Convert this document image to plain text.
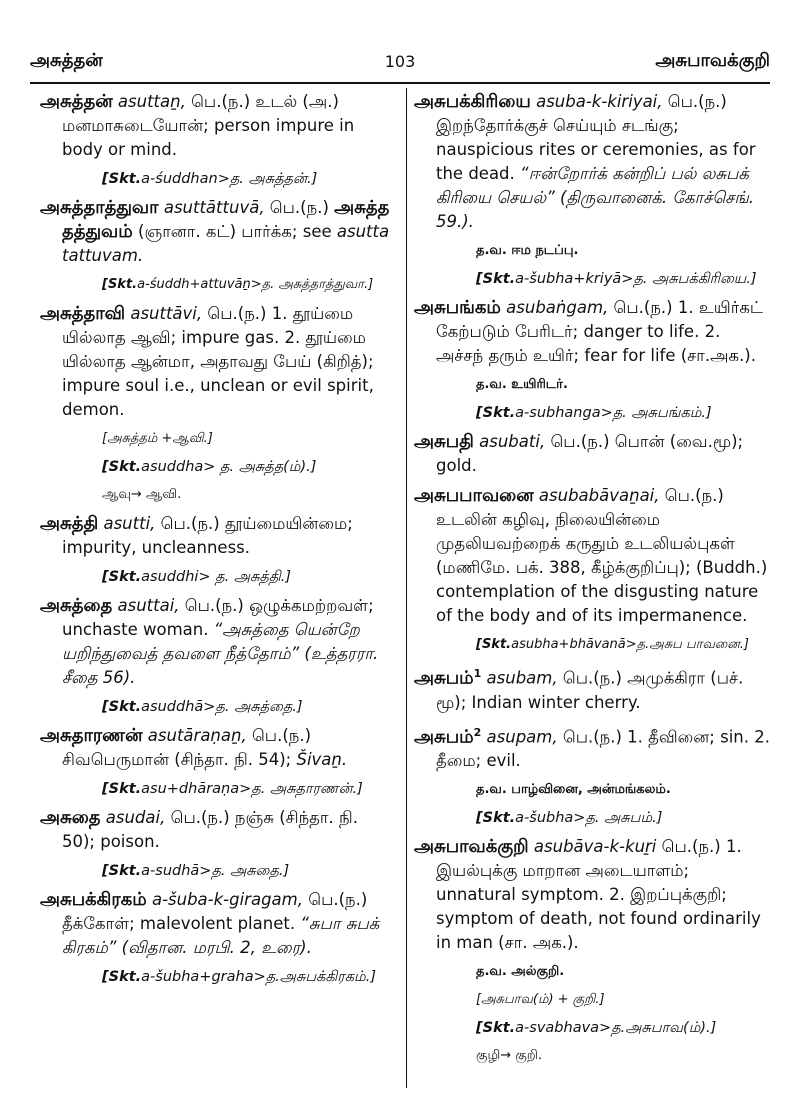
அசுத்தன்	103	அசுபாவக்குறி

அசுத்தன் asuttaṉ, பெ.(ந.) உடல் (அ.) மனமாசுடையோன்; person impure in body or mind.

[Skt.a-śuddhan>த. அசுத்தன்.]

அசுத்தாத்துவா asuttāttuvā, பெ.(ந.) அசுத்த தத்துவம் (ஞானா. கட்) பார்க்க; see asutta tattuvam.

[Skt.a-śuddh+attuvāṉ>த. அசுத்தாத்துவா.]

அசுத்தாவி asuttāvi, பெ.(ந.) 1. தூய்மை யில்லாத ஆவி; impure gas. 2. தூய்மை யில்லாத ஆன்மா, அதாவது பேய் (கிறித்); impure soul i.e., unclean or evil spirit, demon.

[அசுத்தம் +ஆவி.]

[Skt.asuddha> த. அசுத்த(ம்).]

ஆவு→ ஆவி.

அசுத்தி asutti, பெ.(ந.) தூய்மையின்மை; impurity, uncleanness.

[Skt.asuddhi> த. அசுத்தி.]

அசுத்தை asuttai, பெ.(ந.) ஒழுக்கமற்றவள்; unchaste woman. “அசுத்தை யென்றே யறிந்துவைத் தவளை நீத்தோம்” (உத்தரரா. சீதை 56).

[Skt.asuddhā>த. அசுத்தை.]

அசுதாரணன் asutāraṇaṉ, பெ.(ந.) சிவபெருமான் (சிந்தா. நி. 54); Šivaṉ.

[Skt.asu+dhāraṇa>த. அசுதாரணன்.]

அசுதை asudai, பெ.(ந.) நஞ்சு (சிந்தா. நி. 50); poison.

[Skt.a-sudhā>த. அசுதை.]

அசுபக்கிரகம் a-šuba-k-giragam, பெ.(ந.) தீக்கோள்; malevolent planet. “சுபா சுபக் கிரகம்” (விதான. மரபி. 2, உரை).

[Skt.a-šubha+graha>த.அசுபக்கிரகம்.]

அசுபக்கிரியை asuba-k-kiriyai, பெ.(ந.) இறந்தோர்க்குச் செய்யும் சடங்கு; nauspicious rites or ceremonies, as for the dead. “ஈன்றோர்க் கன்றிப் பல் லசுபக் கிரியை செயல்” (திருவானைக். கோச்செங். 59.).

த.வ. ஈம நடப்பு.

[Skt.a-šubha+kriyā>த. அசுபக்கிரியை.]

அசுபங்கம் asubaṅgam, பெ.(ந.) 1. உயிர்கட் கேற்படும் பேரிடர்; danger to life. 2. அச்சந் தரும் உயிர்; fear for life (சா.அக.).

த.வ. உயிரிடர்.

[Skt.a-subhanga>த. அசுபங்கம்.]

அசுபதி asubati, பெ.(ந.) பொன் (வை.மூ); gold.

அசுபபாவனை asubabāvaṉai, பெ.(ந.) உடலின் கழிவு, நிலையின்மை முதலியவற்றைக் கருதும் உடலியல்புகள் (மணிமே. பக். 388, கீழ்க்குறிப்பு); (Buddh.) contemplation of the disgusting nature of the body and of its impermanence.

[Skt.asubha+bhāvanā>த.அசுப பாவனை.]

அசுபம்$^1$ asubam, பெ.(ந.) அமுக்கிரா (பச். மூ); Indian winter cherry.

அசுபம்$^2$ asupam, பெ.(ந.) 1. தீவினை; sin. 2. தீமை; evil.

த.வ. பாழ்வினை, அன்மங்கலம்.

[Skt.a-šubha>த. அசுபம்.]

அசுபாவக்குறி asubāva-k-kuṟi பெ.(ந.) 1. இயல்புக்கு மாறான அடையாளம்; unnatural symptom. 2. இறப்புக்குறி; symptom of death, not found ordinarily in man (சா. அக.).

த.வ. அல்குறி.

[அசுபாவ(ம்) + குறி.]

[Skt.a-svabhava>த.அசுபாவ(ம்).]

குழி→ குறி.
